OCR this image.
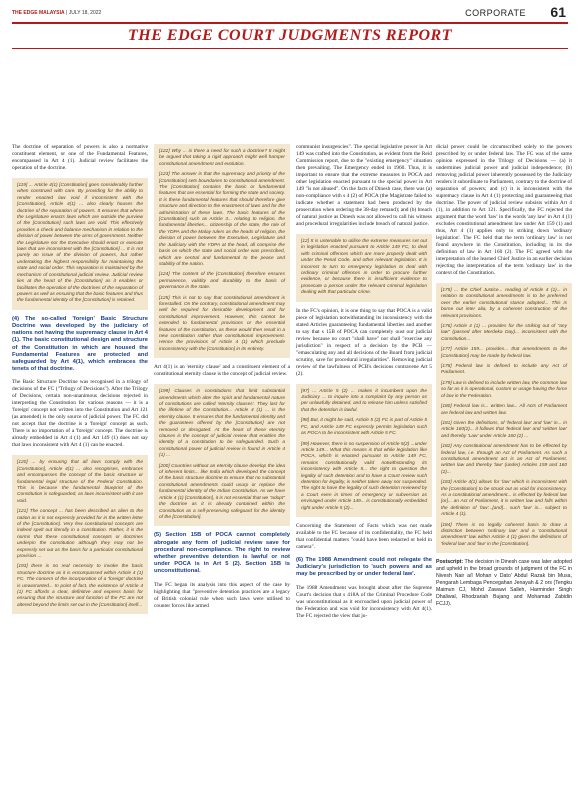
THE EDGE MALAYSIA | JULY 18, 2022	CORPORATE 61
THE EDGE COURT JUDGMENTS REPORT

The doctrine of separation of powers is also a normative constituent element, or one of the Fundamental Features, encompassed in Art 4 (1). Judicial review facilitates the operation of the doctrine.

[119] ... Article 4(1) [Constitution] goes considerably further when construed with care. By providing for the ability to render enacted law void if inconsistent with the [Constitution], Article 4(1) ... also clearly houses the doctrine of the separation of powers. It ensures that where the Legislature enacts laws which are outside the purview of the [Constitution] such laws are void. This effectively provides a check and balance mechanism in relation to the division of power between the arms of government. Neither the Legislature nor the Executive should enact or execute laws that are inconsistent with the [Constitution] ... It is not purely an issue of the division of powers, but rather undertaking the highest responsibility for maintaining the state and social order. This separation is maintained by the mechanism of constitutional judicial review. Judicial review lies at the heart of the [Constitution] as it enables or facilitates the operation of the doctrines of the separation of powers as well as ensuring that the basic features and thus the fundamental identity of the [Constitution] is retained.

(4) The so-called 'foreign' Basic Structure Doctrine was developed by the judiciary of nations not having the supremacy clause in Art 4 (1). The basic constitutional design and structure of the Constitution in which are housed the Fundamental Features are protected and safeguarded by Art 4(1), which embraces the tenets of that doctrine.

The Basic Structure Doctrine was recognised in a trilogy of decisions of the FC ("Trilogy of Decisions"). After the Trilogy of Decisions, certain non-unanimous decisions rejected in interpreting the Constitution for various reasons — it is a 'foreign' concept not written into the Constitution and Art 121 (as amended) is the only source of judicial power. The FC did not accept that the doctrine is a 'foreign' concept as such. There is no importation of a 'foreign' concept. The doctrine is already embedded in Art 4 (1) and Art 149 (1) does not say that laws inconsistent with Art 4 (1) can be enacted.

[120] ... by ensuring that all laws comply with the [Constitution], Article 4(1) ... also recognises, embraces and encompasses the concept of the basic structure or fundamental legal structure of the Federal Constitution. This is because the fundamental blueprint of the Constitution is safeguarded, as laws inconsistent with it are void.

[121] The concept ... has been described as alien to the nation as it is not expressly provided for in the written letter of the [Constitution]. Very few constitutional concepts are indeed spelt out literally in a constitution. Rather, it is the norms that these constitutional concepts or doctrines underpin the constitution although they may not be expressly set out as the basis for a particular constitutional provision ...

[193] there is no real necessity to invoke the basic structure doctrine as it is encompassed within Article 4 (1) FC. The concern of the incorporation of a 'foreign' doctrine is unwarranted... In point of fact, the existence of Article 4 (1) FC affords a clear, definitive and express basis for ensuring that the structure and function of the FC are not altered beyond the limits set out in the [Constitution] itself...

[122] Why ... is there a need for such a doctrine? It might be argued that taking a rigid approach might well hamper constitutional amendment and evolution.

[123] The answer is that the supremacy and priority of the [Constitution] sets boundaries to constitutional amendment. The [Constitution] contains the basic or fundamental features that are essential for forming the state and society. It is these fundamental features that should therefore give structure and direction to the enactment of laws and for the administration of these laws. The basic features of the [Constitution] such as Article 3... relating to religion, the fundamental liberties... citizenship of the state, the role of the YDPA and the Malay rulers as the heads of religion, the division of power between the Executive, Legislature and the Judiciary with the YDPA at the head, all comprise the basis on which the state and social order was prescribed, which are central and fundamental to the peace and stability of the nation.

[124] The content of the [Constitution] therefore ensures permanence, validity and durability to the basis of governance in the state.

[125] This is not to say that constitutional amendment is forestalled. On the contrary, constitutional amendment may well be required for desirable development and for constitutional improvement. However, this cannot be extended to fundamental provisions or the essential features of the constitution, as these would then result in a new constitution rather than constitutional improvement. Hence the provisions of Article 4 (1) which preclude inconsistency with the [Constitution] in its entirety.

Art 4(1) is an 'eternity clause' and a constituent element of a constitutional eternity clause is the concept of judicial review.

[199] Clauses in constitutions that limit substantial amendments which alter the spirit and fundamental nature of constitutions are called 'eternity clauses'. They last for the lifetime of the Constitution... Article 4 (1) ... is the eternity clause. It ensures that the fundamental identity and the guarantees offered by the [Constitution] are not removed or derogated. At the heart of these eternity clauses is the concept of judicial review that enables the identity of a constitution to be safeguarded. Such a constitutional power of judicial review is found in Article 4 (1) ...

[200] Countries without an eternity clause develop the idea of inherent limits... like India which developed the concept of the basic structure doctrine to ensure that no substantial constitutional amendments could usurp or replace the fundamental identity of the Indian Constitution. As we have Article 4 (1) [Constitution], it is not essential that we "adopt" the doctrine as it is already contained within the Constitution as a self-preserving safeguard for the identity of the [Constitution].

(5) Section 15B of POCA cannot completely abrogate any form of judicial review save for procedural non-compliance. The right to review whether preventive detention is lawful or not under POCA is in Art 5 (2). Section 15B is unconstitutional.

The FC began its analysis into this aspect of the case by highlighting that "preventive detention practices are a legacy of British colonial rule when such laws were utilised to counter forces like armed

communist insurgencies". The special legislative power in Art 149 was crafted into the Constitution, as evident from the Reid Commission report, due to the "existing emergency" situation then prevailing. The Emergency ended in 1960. Thus, it is important to ensure that the extreme measures in POCA and other legislation enacted pursuant to the special power in Art 149 "is not abused". On the facts of Dinesh case, there was (a) non-compliance with s 4 (2) of POCA (the Magistrate failed to indicate whether a statement had been produced by the prosecution when ordering the 38-day remand); and (b) breach of natural justice as Dinesh was not allowed to call his witness and procedural irregularities include breach of natural justice.

[12] It is untenable to utilise the extreme measures set out in legislation enacted pursuant to Article 149 FC, to deal with criminal offences which are more properly dealt with under the Penal Code, and other relevant legislation. It is incorrect to turn to emergency legislation to deal with ordinary criminal offences in order to procure further evidence, or because there is insufficient evidence to prosecute a person under the relevant criminal legislation dealing with that particular crime.

In the FC's opinion, it is one thing to say that POCA is a valid piece of legislation notwithstanding its inconsistency with the stated Articles guaranteeing fundamental liberties and another to say that s 15B of POCA can completely oust our judicial review because no court "shall have" nor shall "exercise any jurisdiction" in respect of a decision by the PCB — "emasculating any and all decisions of the Board from judicial scrutiny, save for procedural irregularities". Removing judicial review of the lawfulness of PCB's decisions contravene Art 5 (2).

[97] ... Article 5 (2) ... makes it incumbent upon the Judiciary ... to inquire into a complaint by any person as per unlawfully detained, and to release him unless satisfied that the detention is lawful.

[98] But, it might be said, Article 5 (2) FC is part of Article 5 FC, and Article 149 FC expressly permits legislation such as POCA to be inconsistent with Article 5 FC.

[99] However, there is no suspension of Article 5(2) ...under Article 149... What this means is that while legislation like POCA, which is enacted pursuant to Article 149 FC, remains constitutionally valid notwithstanding its inconsistency with Article 5... the right to question the legality of such detention and to have a Court review such detention for legality, is neither taken away nor suspended. The right to have the legality of such detention reviewed by a Court even in times of emergency or subversion as envisaged under Article 149... is constitutionally embedded right under Article 5 (2)...

Concerning the Statement of Facts which was not made available to the FC because of its confidentiality, the FC held that confidential matters "could have been redacted or held in camera".

(6) The 1988 Amendment could not relegate the Judiciary's jurisdiction to 'such powers and as may be prescribed by or under federal law'.

The 1988 Amendment was brought about after the Supreme Court's decision that s 418A of the Criminal Procedure Code was unconstitutional as it encroached upon judicial power of the Federation and was void for inconsistency with Art 4(1). The FC rejected the view that ju-

dicial power could be circumscribed solely to the powers prescribed by or under federal law. The FC was of the same opinion expressed in the Trilogy of Decisions — (a) it undermines judicial power and judicial independence; (b) removing judicial power inherently possessed by the Judiciary renders it subordinate to Parliament, contrary to the doctrine of separation of powers; and (c) it is inconsistent with the supremacy clause in Art 4 (1) protecting and guaranteeing that doctrine. The power of judicial review subsists within Art 4 (1), in addition to Art 121. Specifically, the FC rejected the argument that the word 'law' in the words 'any law' in Art 4 (1) excludes constitutional amendment law under Art 159 (1) and thus, Art 4 (1) applies only to striking down 'ordinary legislation'. The FC held that the term 'ordinary law' is not found anywhere in the Constitution, including in its the definition of law in Art 160 (2). The FC agreed with the interpretation of the learned Chief Justice in an earlier decision rejecting the interpretation of the term 'ordinary law' in the context of the Constitution.

[175] ... the Chief Justice... reading of Article 4 (1)... in relation to constitutional amendments is to be preferred over the earlier constitutional stance adopted... This is borne out inter alia, by a coherent construction of the relevant provisions.

[176] Article 4 (1) ... provides for the striking out of "any law" (passed after Merdeka Day)... inconsistent with the Constitution...

[177] Article 159... provides... that amendments to the [Constitution] may be made by federal law.

[178] Federal law is defined to include any Act of Parliament.

[179] Law is defined to include written law, the common law so far as it is operational, custom or usage having the force of law in the Federation.

[180] Federal law is... written law... All Acts of Parliament are federal law and written law.

[181] Given the definitions, of 'federal law' and 'law' in... in Article 160(2)... it follows that 'federal law' and 'written law' and thereby 'Law' under Article 160 (2) ...

[182] Any constitutional amendment has to be effected by federal law, i.e. through an Act of Parliament. As such a constitutional amendment act is an Act of Parliament, written law and thereby 'law' (under) Articles 159 and 160 (2)...

[183] Article 4(1) allows for 'law' which is inconsistent with the [Constitution] to be struck out as void for inconsistency. As a constitutional amendment... is effected by federal law [or]... an Act of Parliament, it is written law and falls within the definition of 'law'...[and]... such 'law' is... subject to Article 4 (1).

[184] There is no legally coherent basis to draw a distinction between 'ordinary law' and a 'constitutional amendment' law within Article 4 (1) given the definitions of 'federal law' and 'law' in the [Constitution].

Postscript: The decision in Dinesh case was later adopted and upheld in the broad grounds of judgment of the FC in Nivesh Nair a/l Mohan v Dato' Abdul Razak bin Musa, Pengarah Lembaga Pencegahan Jenayah & 2 ors (Tengku Maimun CJ, Mohd Zawawi Salleh, Harminder Singh Dhaliwal, Rhodzariah Bujang and Mohamad Zabidin FCJJ).
